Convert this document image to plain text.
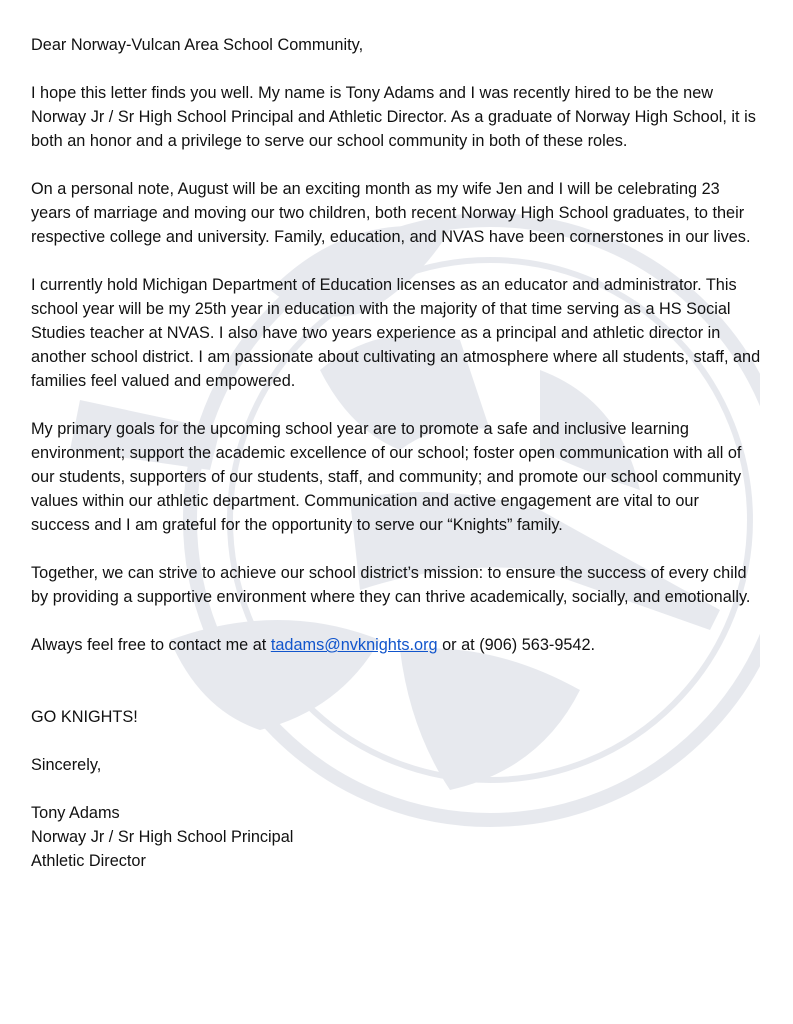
Dear Norway-Vulcan Area School Community,

I hope this letter finds you well. My name is Tony Adams and I was recently hired to be the new Norway Jr / Sr High School Principal and Athletic Director. As a graduate of Norway High School, it is both an honor and a privilege to serve our school community in both of these roles.

On a personal note, August will be an exciting month as my wife Jen and I will be celebrating 23 years of marriage and moving our two children, both recent Norway High School graduates, to their respective college and university. Family, education, and NVAS have been cornerstones in our lives.

I currently hold Michigan Department of Education licenses as an educator and administrator. This school year will be my 25th year in education with the majority of that time serving as a HS Social Studies teacher at NVAS. I also have two years experience as a principal and athletic director in another school district. I am passionate about cultivating an atmosphere where all students, staff, and families feel valued and empowered.

My primary goals for the upcoming school year are to promote a safe and inclusive learning environment; support the academic excellence of our school; foster open communication with all of our students, supporters of our students, staff, and community; and promote our school community values within our athletic department. Communication and active engagement are vital to our success and I am grateful for the opportunity to serve our “Knights” family.

Together, we can strive to achieve our school district’s mission: to ensure the success of every child by providing a supportive environment where they can thrive academically, socially, and emotionally.

Always feel free to contact me at tadams@nvknights.org or at (906) 563-9542.

GO KNIGHTS!

Sincerely,

Tony Adams

Norway Jr / Sr High School Principal

Athletic Director
